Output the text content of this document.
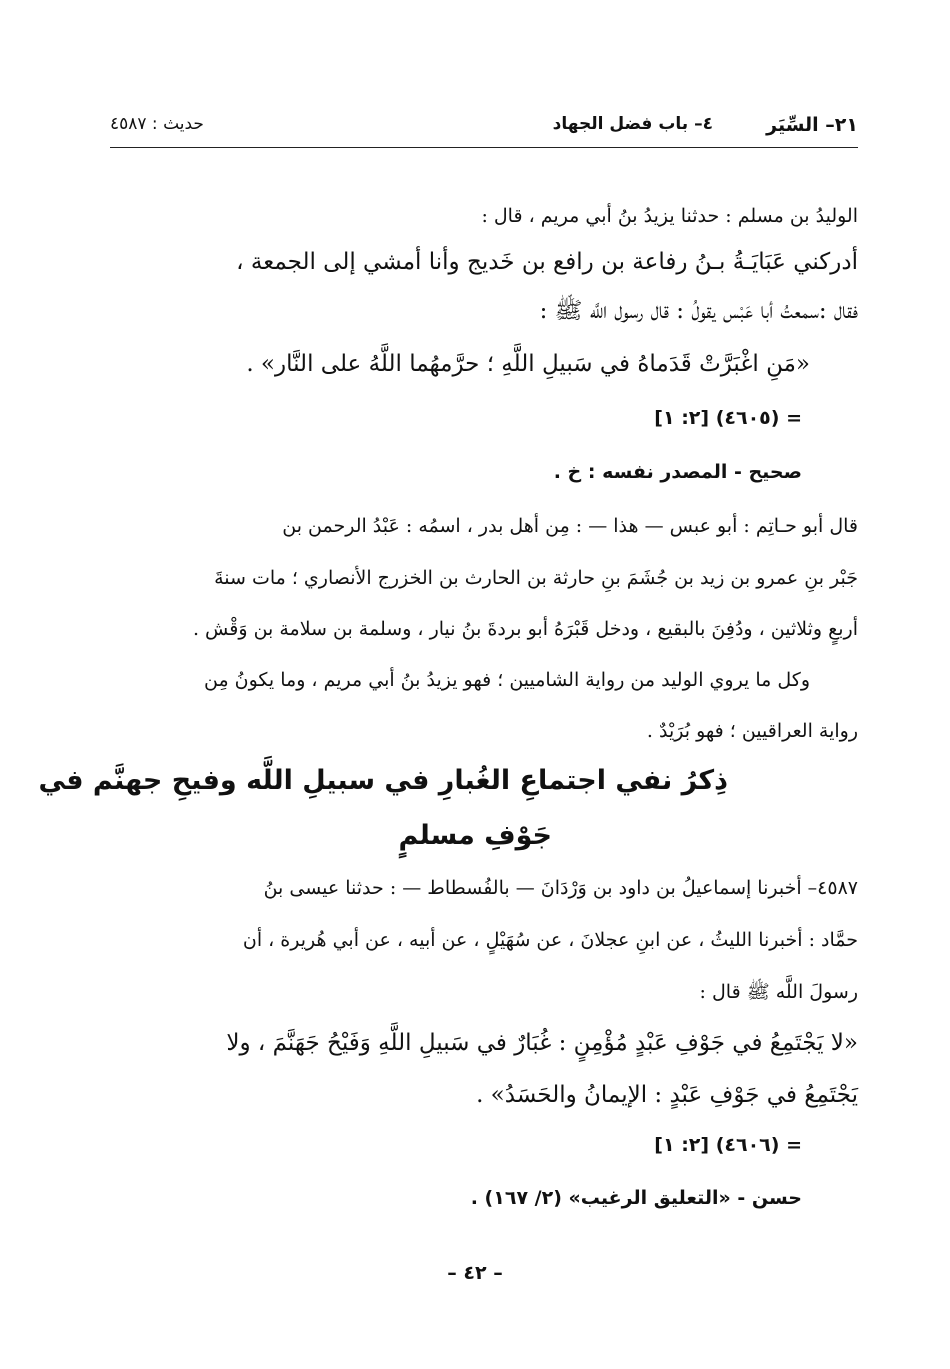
٢١– السِّيَر
٤– باب فضل الجهاد
حديث : ٤٥٨٧
الوليدُ بن مسلم : حدثنا يزيدُ بنُ أبي مريم ، قال :
أدركني عَبَايَـةُ بـنُ رفاعة بن رافع بن خَديج وأنا أمشي إلى الجمعة ،
فقال :سمعتُ أبا عَبْس يقولُ : قال رسول اللَّه ﷺ :
«مَنِ اغْبَرَّتْ قَدَماهُ في سَبيلِ اللَّهِ ؛ حرَّمهُما اللَّهُ على النَّار» .
= (٤٦٠٥) [٢: ١]
صحيح - المصدر نفسه : خ .
قال أبو حـاتِم : أبو عبس — هذا — : مِن أهل بدر ، اسمُه : عَبْدُ الرحمن بن
جَبْر بنِ عمرو بن زيد بن جُشَمَ بنِ حارثة بن الحارث بن الخزرج الأنصاري ؛ مات سنةَ
أربعٍ وثلاثين ، ودُفِنَ بالبقيع ، ودخل قَبْرَهُ أبو بردةَ بنُ نيار ، وسلمة بن سلامة بن وَقْش .
وكل ما يروي الوليد من رواية الشاميين ؛ فهو يزيدُ بنُ أبي مريم ، وما يكونُ مِن
رواية العراقيين ؛ فهو بُرَيْدٌ .
ذِكرُ نفي اجتماعِ الغُبارِ في سبيلِ اللَّه وفيحِ جهنَّم في
جَوْفِ مسلمٍ
٤٥٨٧– أخبرنا إسماعيلُ بن داود بن وَرْدَانَ — بالفُسطاط — : حدثنا عيسى بنُ
حمَّاد : أخبرنا الليثُ ، عن ابنِ عجلانَ ، عن سُهَيْلٍ ، عن أبيه ، عن أبي هُريرة ، أن
رسولَ اللَّه ﷺ قال :
«لا يَجْتَمِعُ في جَوْفِ عَبْدٍ مُؤْمِنٍ : غُبَارٌ في سَبيلِ اللَّهِ وَفَيْحُ جَهَنَّمَ ، ولا
يَجْتَمِعُ في جَوْفِ عَبْدٍ : الإيمانُ والحَسَدُ» .
= (٤٦٠٦) [٢: ١]
حسن - «التعليق الرغيب» (٢/ ١٦٧) .
– ٤٢ –
